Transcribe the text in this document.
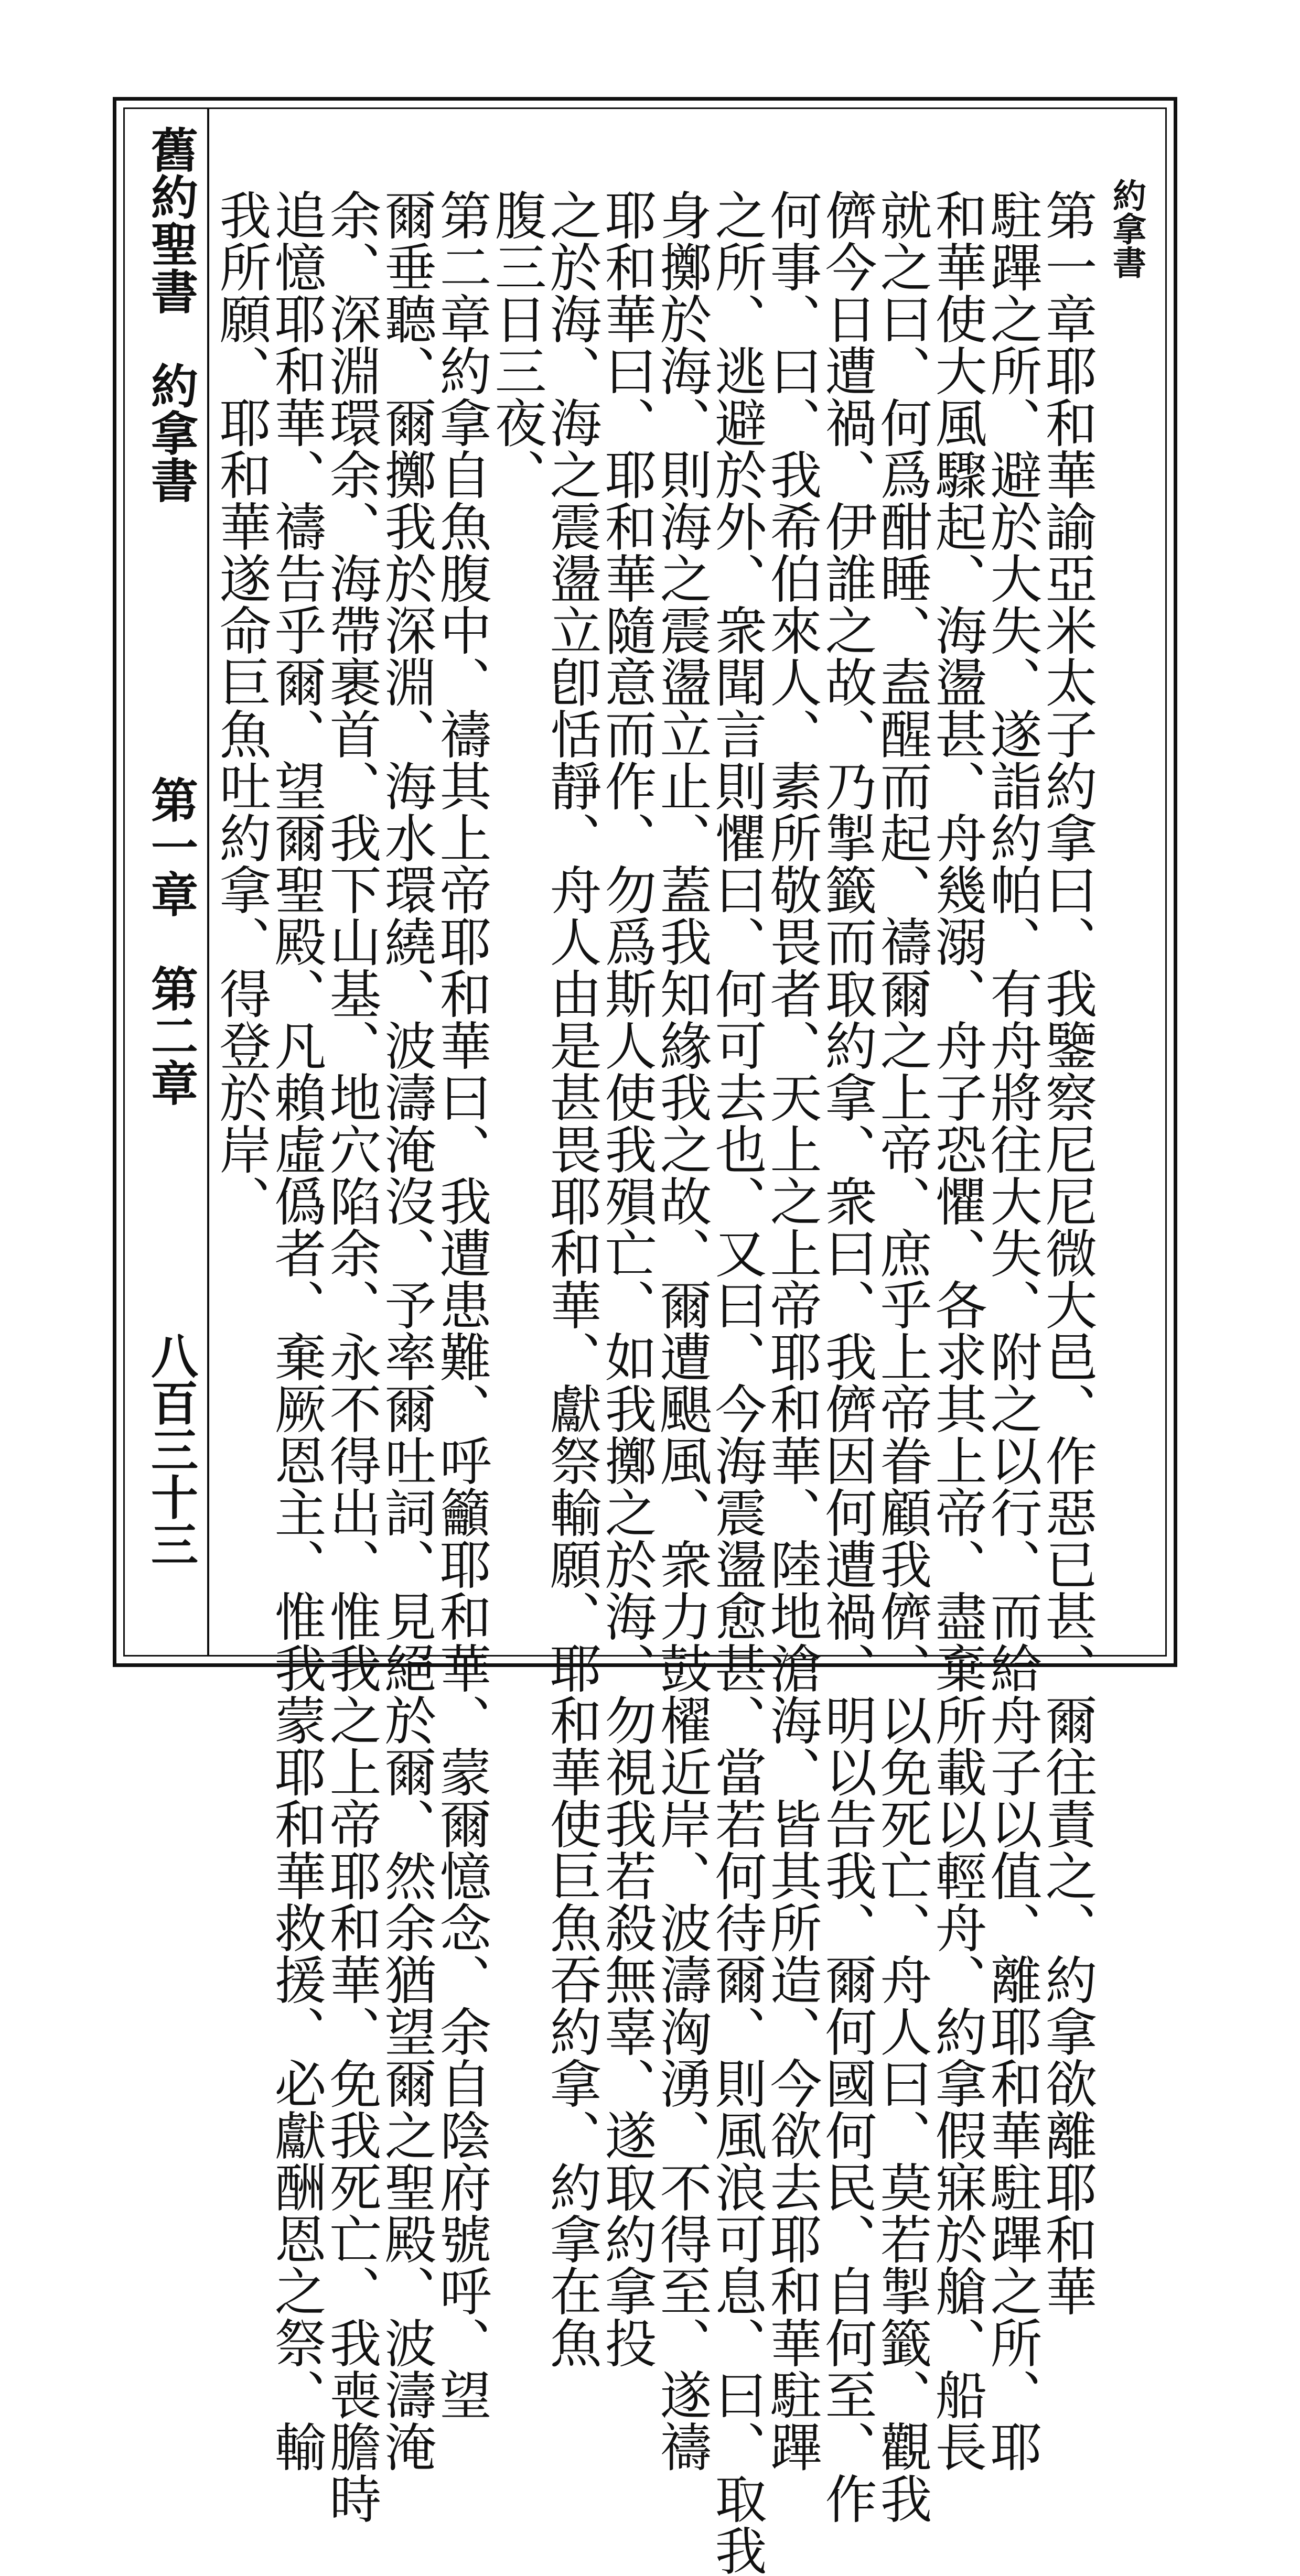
約拿書
第一章耶和華諭亞米太子約拿曰、我鑒察尼尼微大邑、作惡已甚、爾往責之、約拿欲離耶和華
駐蹕之所、避於大失、遂詣約帕、有舟將往大失、附之以行、而給舟子以值、離耶和華駐蹕之所、耶
和華使大風驟起、海盪甚、舟幾溺、舟子恐懼、各求其上帝、盡棄所載以輕舟、約拿假寐於艙、船長
就之曰、何爲酣睡、盍醒而起、禱爾之上帝、庶乎上帝眷顧我儕、以免死亡、舟人曰、莫若掣籤、觀我
儕今日遭禍、伊誰之故、乃掣籤而取約拿、衆曰、我儕因何遭禍、明以告我、爾何國何民、自何至、作
何事、曰、我希伯來人、素所敬畏者、天上之上帝耶和華、陸地滄海、皆其所造、今欲去耶和華駐蹕
之所、逃避於外、衆聞言則懼曰、何可去也、又曰、今海震盪愈甚、當若何待爾、則風浪可息、曰、取我
身擲於海、則海之震盪立止、蓋我知緣我之故、爾遭颶風、衆力鼓櫂近岸、波濤洶湧、不得至、遂禱
耶和華曰、耶和華隨意而作、勿爲斯人使我殞亡、如我擲之於海、勿視我若殺無辜、遂取約拿投
之於海、海之震盪立卽恬靜、舟人由是甚畏耶和華、獻祭輸願、耶和華使巨魚吞約拿、約拿在魚
腹三日三夜、
第二章約拿自魚腹中、禱其上帝耶和華曰、我遭患難、呼籲耶和華、蒙爾憶念、余自陰府號呼、望
爾垂聽、爾擲我於深淵、海水環繞、波濤淹沒、予率爾吐詞、見絕於爾、然余猶望爾之聖殿、波濤淹
余、深淵環余、海帶裹首、我下山基、地穴陷余、永不得出、惟我之上帝耶和華、免我死亡、我喪膽時
追憶耶和華、禱告乎爾、望爾聖殿、凡賴虛僞者、棄厥恩主、惟我蒙耶和華救援、必獻酬恩之祭、輸
我所願、耶和華遂命巨魚吐約拿、得登於岸、
舊約聖書　約拿書
第一章　第二章
八百三十三
